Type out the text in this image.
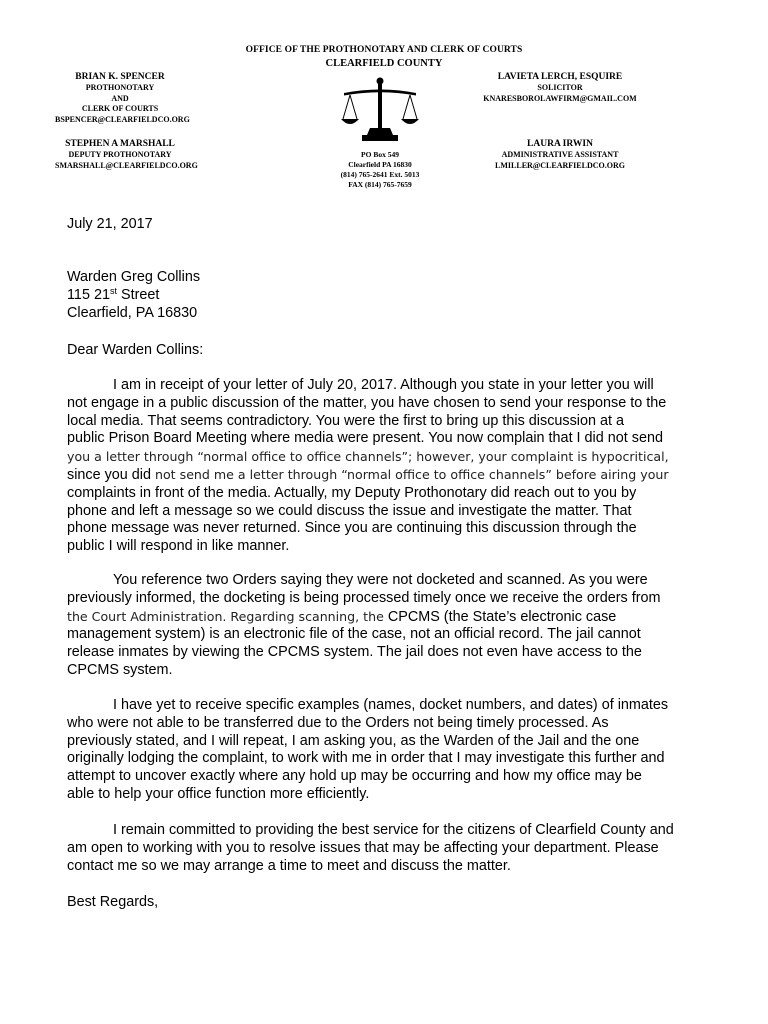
OFFICE OF THE PROTHONOTARY AND CLERK OF COURTS
CLEARFIELD COUNTY
BRIAN K. SPENCER
PROTHONOTARY
AND
CLERK OF COURTS
BSPENCER@CLEARFIELDCO.ORG
STEPHEN A MARSHALL
DEPUTY PROTHONOTARY
SMARSHALL@CLEARFIELDCO.ORG
LAVIETA LERCH, ESQUIRE
SOLICITOR
KNARESBOROLAWFIRM@GMAIL.COM
LAURA IRWIN
ADMINISTRATIVE ASSISTANT
LMILLER@CLEARFIELDCO.ORG
PO Box 549
Clearfield PA 16830
(814) 765-2641 Ext. 5013
FAX (814) 765-7659
July 21, 2017
Warden Greg Collins
115 21st Street
Clearfield, PA 16830
Dear Warden Collins:
I am in receipt of your letter of July 20, 2017. Although you state in your letter you will
not engage in a public discussion of the matter, you have chosen to send your response to the
local media. That seems contradictory. You were the first to bring up this discussion at a
public Prison Board Meeting where media were present. You now complain that I did not send
you a letter through “normal office to office channels”; however, your complaint is hypocritical,
since you did not send me a letter through “normal office to office channels” before airing your
complaints in front of the media. Actually, my Deputy Prothonotary did reach out to you by
phone and left a message so we could discuss the issue and investigate the matter. That
phone message was never returned. Since you are continuing this discussion through the
public I will respond in like manner.
You reference two Orders saying they were not docketed and scanned. As you were
previously informed, the docketing is being processed timely once we receive the orders from
the Court Administration. Regarding scanning, the CPCMS (the State’s electronic case
management system) is an electronic file of the case, not an official record. The jail cannot
release inmates by viewing the CPCMS system. The jail does not even have access to the
CPCMS system.
I have yet to receive specific examples (names, docket numbers, and dates) of inmates
who were not able to be transferred due to the Orders not being timely processed. As
previously stated, and I will repeat, I am asking you, as the Warden of the Jail and the one
originally lodging the complaint, to work with me in order that I may investigate this further and
attempt to uncover exactly where any hold up may be occurring and how my office may be
able to help your office function more efficiently.
I remain committed to providing the best service for the citizens of Clearfield County and
am open to working with you to resolve issues that may be affecting your department. Please
contact me so we may arrange a time to meet and discuss the matter.
Best Regards,
